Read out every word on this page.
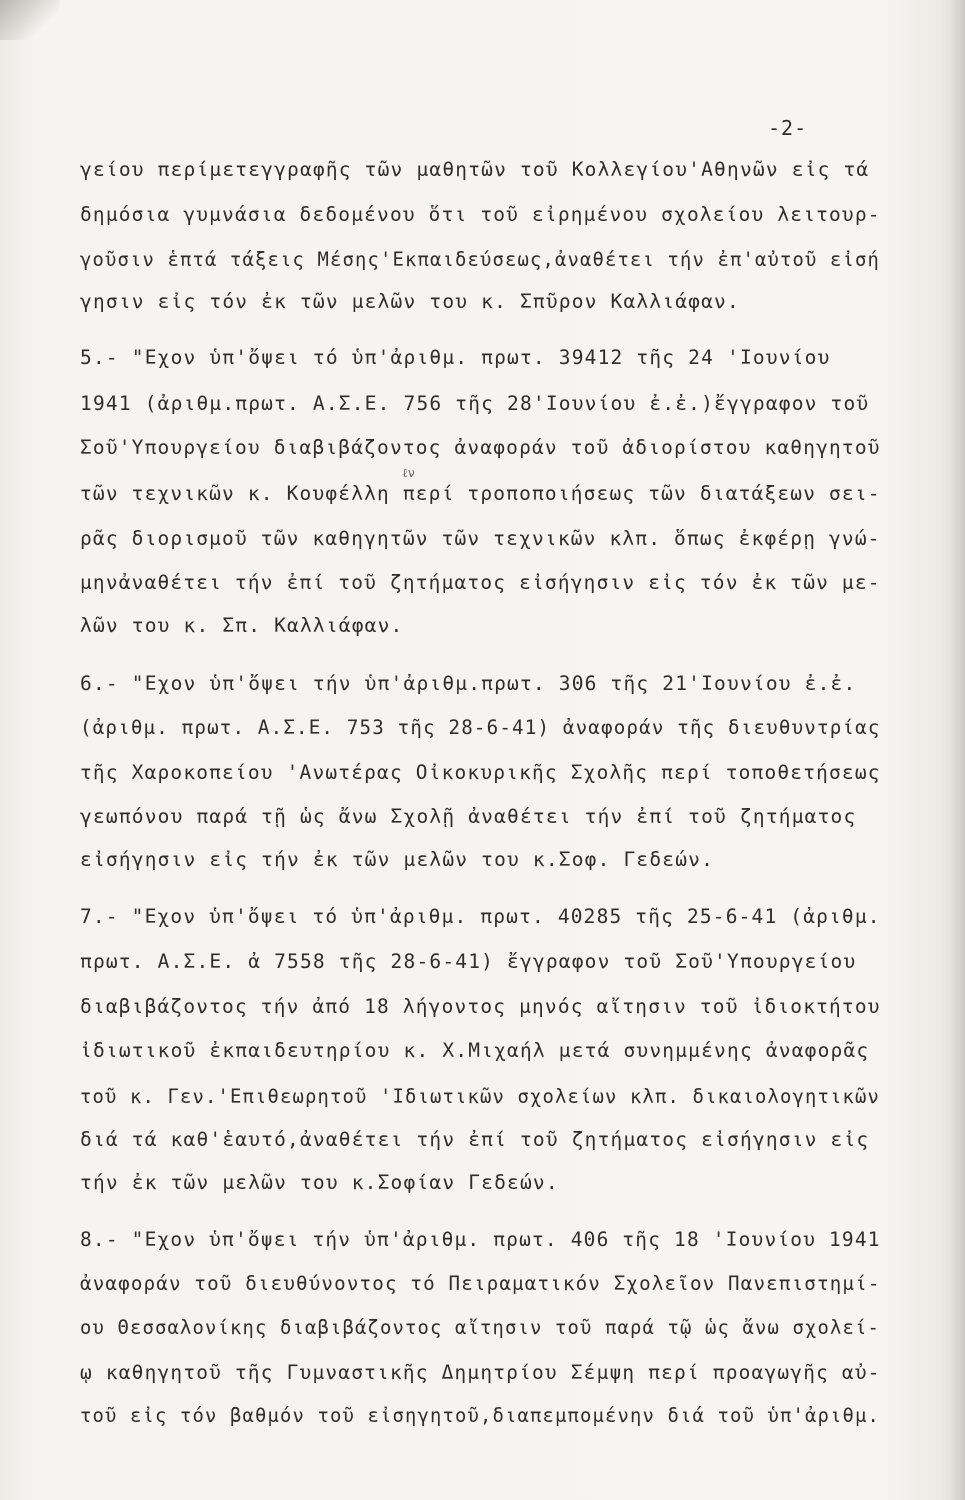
-2-
γείου περίμετεγγραφῆς τῶν μαθητῶν τοῦ Κολλεγίου'Αθηνῶν εἰς τά
δημόσια γυμνάσια δεδομένου ὅτι τοῦ εἰρημένου σχολείου λειτουρ-
γοῦσιν ἑπτά τάξεις Μέσης'Εκπαιδεύσεως,ἀναθέτει τήν ἐπ'αὐτοῦ εἰσή
γησιν εἰς τόν ἐκ τῶν μελῶν του κ. Σπῦρον Καλλιάφαν.
5.- "Εχον ὑπ'ὄψει τό ὑπ'ἀριθμ. πρωτ. 39412 τῆς 24 'Ιουνίου
1941 (ἀριθμ.πρωτ. Α.Σ.Ε. 756 τῆς 28'Ιουνίου ἐ.ἐ.)ἔγγραφον τοῦ
Σοῦ'Υπουργείου διαβιβάζοντος ἀναφοράν τοῦ ἀδιορίστου καθηγητοῦ
ℓν
τῶν τεχνικῶν κ. Κουφέλλη περί τροποποιήσεως τῶν διατάξεων σει-
ρᾶς διορισμοῦ τῶν καθηγητῶν τῶν τεχνικῶν κλπ. ὅπως ἐκφέρῃ γνώ-
μηνἀναθέτει τήν ἐπί τοῦ ζητήματος εἰσήγησιν εἰς τόν ἐκ τῶν με-
λῶν του κ. Σπ. Καλλιάφαν.
6.- "Εχον ὑπ'ὄψει τήν ὑπ'ἀριθμ.πρωτ. 306 τῆς 21'Ιουνίου ἐ.ἐ.
(ἀριθμ. πρωτ. Α.Σ.Ε. 753 τῆς 28-6-41) ἀναφοράν τῆς διευθυντρίας
τῆς Χαροκοπείου 'Ανωτέρας Οἰκοκυρικῆς Σχολῆς περί τοποθετήσεως
γεωπόνου παρά τῇ ὡς ἄνω Σχολῇ ἀναθέτει τήν ἐπί τοῦ ζητήματος
εἰσήγησιν εἰς τήν ἐκ τῶν μελῶν του κ.Σοφ. Γεδεών.
7.- "Εχον ὑπ'ὄψει τό ὑπ'ἀριθμ. πρωτ. 40285 τῆς 25-6-41 (ἀριθμ.
πρωτ. Α.Σ.Ε. ἀ 7558 τῆς 28-6-41) ἔγγραφον τοῦ Σοῦ'Υπουργείου
διαβιβάζοντος τήν ἀπό 18 λήγοντος μηνός αἴτησιν τοῦ ἰδιοκτήτου
ἰδιωτικοῦ ἐκπαιδευτηρίου κ. Χ.Μιχαήλ μετά συνημμένης ἀναφορᾶς
τοῦ κ. Γεν.'Επιθεωρητοῦ 'Ιδιωτικῶν σχολείων κλπ. δικαιολογητικῶν
διά τά καθ'ἑαυτό,ἀναθέτει τήν ἐπί τοῦ ζητήματος εἰσήγησιν εἰς
τήν ἐκ τῶν μελῶν του κ.Σοφίαν Γεδεών.
8.- "Εχον ὑπ'ὄψει τήν ὑπ'ἀριθμ. πρωτ. 406 τῆς 18 'Ιουνίου 1941
ἀναφοράν τοῦ διευθύνοντος τό Πειραματικόν Σχολεῖον Πανεπιστημί-
ου Θεσσαλονίκης διαβιβάζοντος αἴτησιν τοῦ παρά τῷ ὡς ἄνω σχολεί-
ῳ καθηγητοῦ τῆς Γυμναστικῆς Δημητρίου Σέμψη περί προαγωγῆς αὐ-
τοῦ εἰς τόν βαθμόν τοῦ εἰσηγητοῦ,διαπεμπομένην διά τοῦ ὑπ'ἀριθμ.
